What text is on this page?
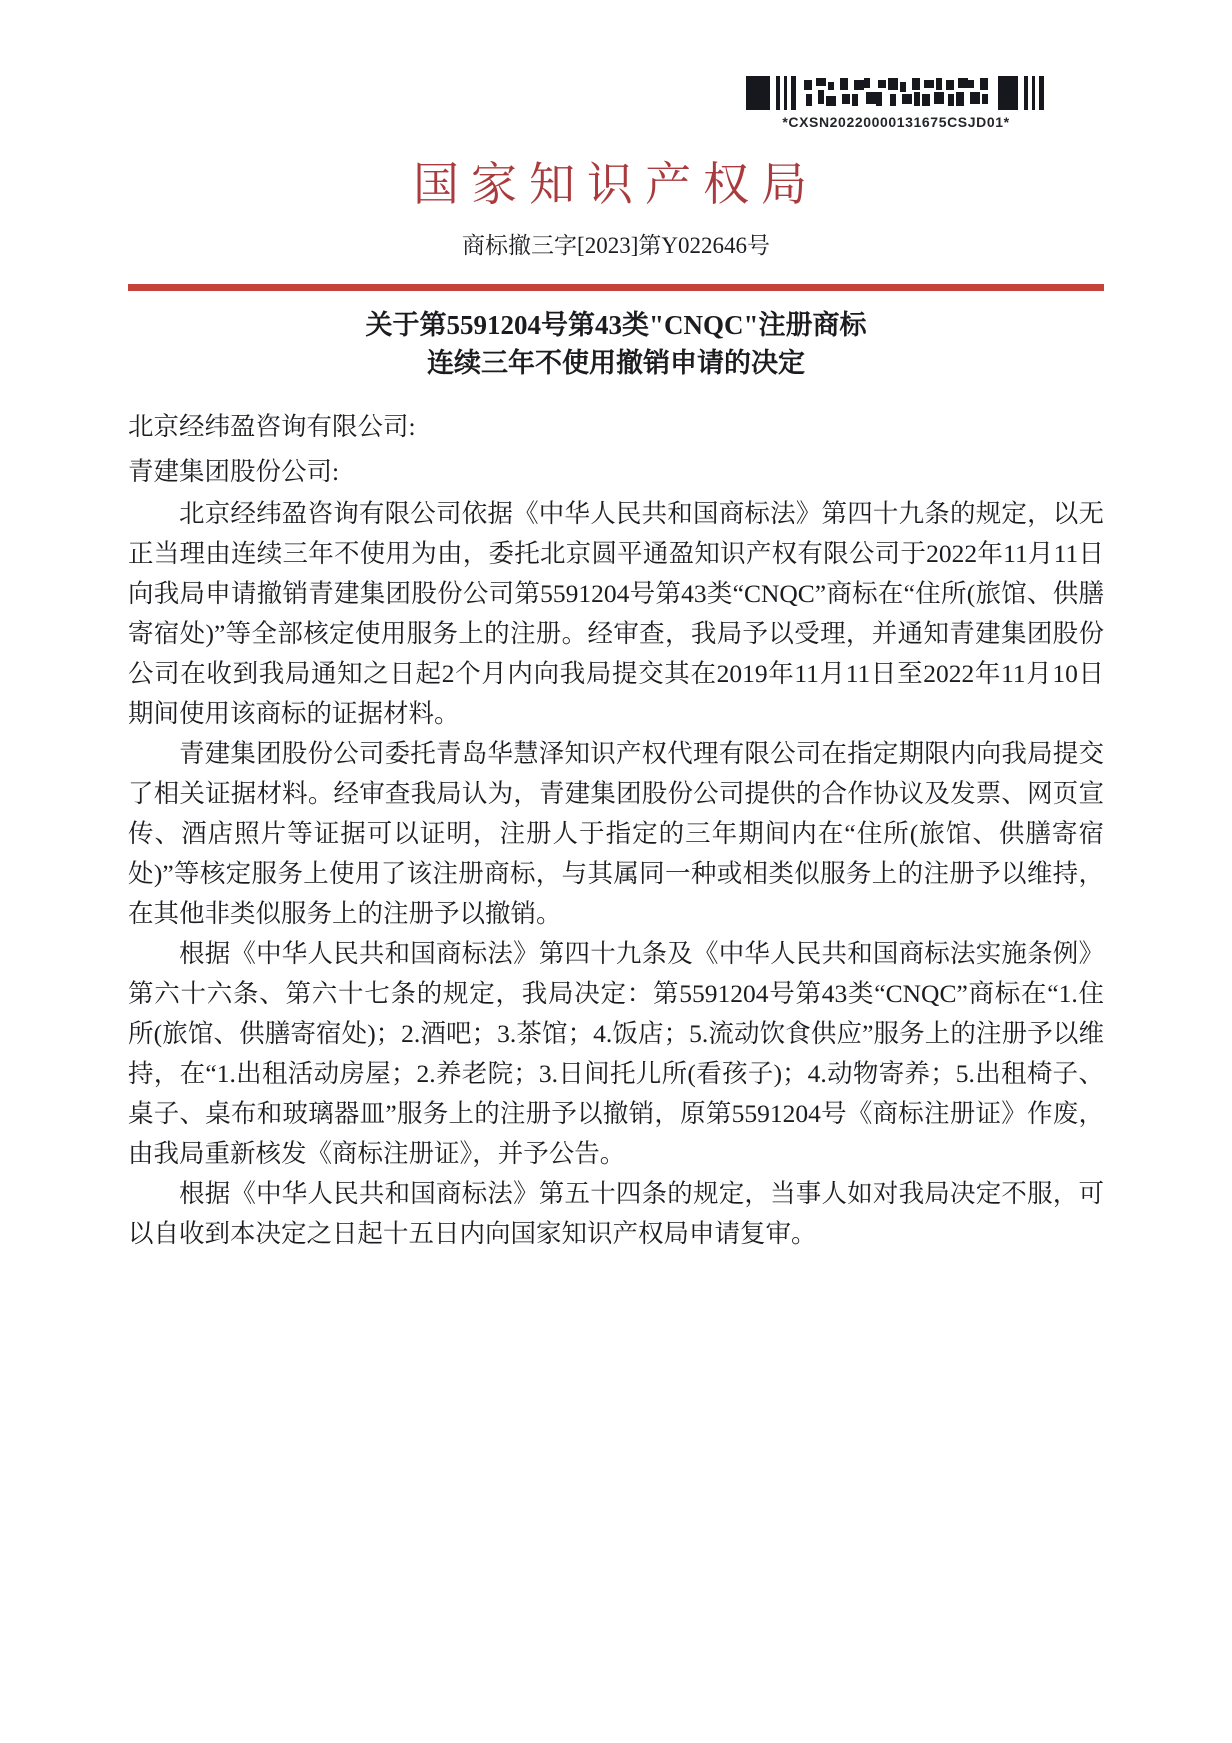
*CXSN20220000131675CSJD01*
国家知识产权局
商标撤三字[2023]第Y022646号
关于第5591204号第43类"CNQC"注册商标
连续三年不使用撤销申请的决定
北京经纬盈咨询有限公司:
青建集团股份公司:

北京经纬盈咨询有限公司依据《中华人民共和国商标法》第四十九条的规定，以无正当理由连续三年不使用为由，委托北京圆平通盈知识产权有限公司于2022年11月11日向我局申请撤销青建集团股份公司第5591204号第43类“CNQC”商标在“住所(旅馆、供膳寄宿处)”等全部核定使用服务上的注册。经审查，我局予以受理，并通知青建集团股份公司在收到我局通知之日起2个月内向我局提交其在2019年11月11日至2022年11月10日期间使用该商标的证据材料。

青建集团股份公司委托青岛华慧泽知识产权代理有限公司在指定期限内向我局提交了相关证据材料。经审查我局认为，青建集团股份公司提供的合作协议及发票、网页宣传、酒店照片等证据可以证明，注册人于指定的三年期间内在“住所(旅馆、供膳寄宿处)”等核定服务上使用了该注册商标，与其属同一种或相类似服务上的注册予以维持，在其他非类似服务上的注册予以撤销。

根据《中华人民共和国商标法》第四十九条及《中华人民共和国商标法实施条例》第六十六条、第六十七条的规定，我局决定：第5591204号第43类“CNQC”商标在“1.住所(旅馆、供膳寄宿处)；2.酒吧；3.茶馆；4.饭店；5.流动饮食供应”服务上的注册予以维持，在“1.出租活动房屋；2.养老院；3.日间托儿所(看孩子)；4.动物寄养；5.出租椅子、桌子、桌布和玻璃器皿”服务上的注册予以撤销，原第5591204号《商标注册证》作废，由我局重新核发《商标注册证》，并予公告。

根据《中华人民共和国商标法》第五十四条的规定，当事人如对我局决定不服，可以自收到本决定之日起十五日内向国家知识产权局申请复审。
